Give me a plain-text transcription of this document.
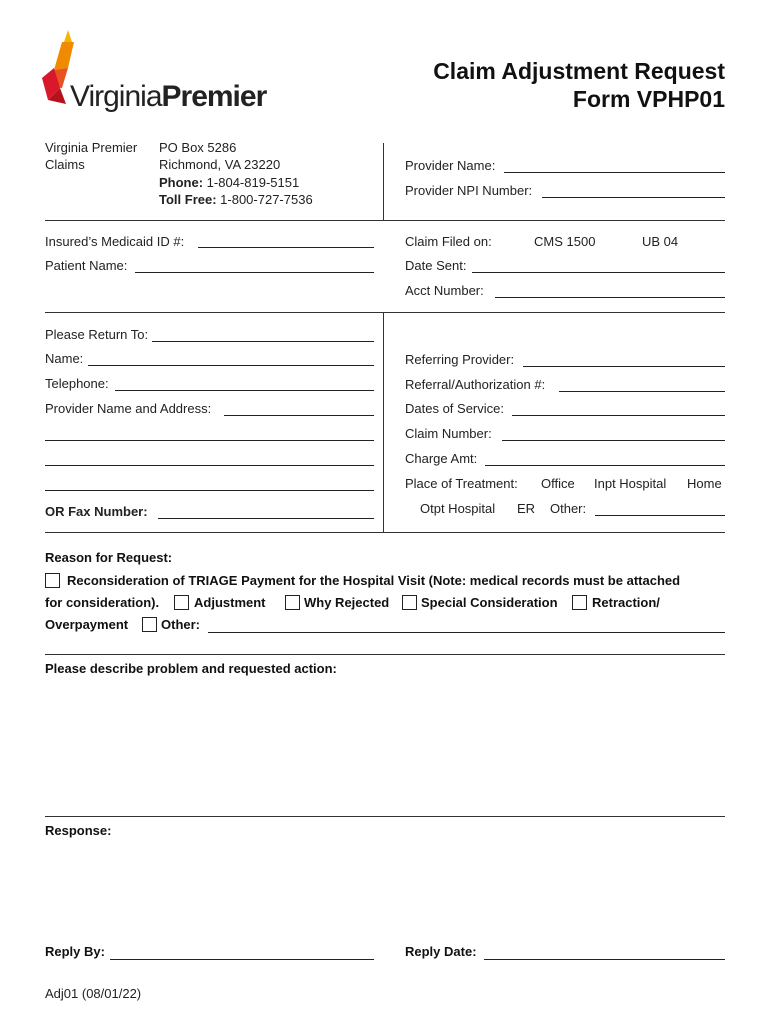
VirginiaPremier
Claim Adjustment Request
Form VPHP01
Virginia Premier
Claims
PO Box 5286
Richmond, VA 23220
Phone: 1-804-819-5151
Toll Free: 1-800-727-7536
Provider Name:
Provider NPI Number:
Insured’s Medicaid ID #:
Patient Name:
Claim Filed on:	CMS 1500	UB 04
Date Sent:
Acct Number:
Please Return To:
Name:
Telephone:
Provider Name and Address:
OR Fax Number:
Referring Provider:
Referral/Authorization #:
Dates of Service:
Claim Number:
Charge Amt:
Place of Treatment: Office Inpt Hospital Home
Otpt Hospital ER Other:
Reason for Request:
Reconsideration of TRIAGE Payment for the Hospital Visit (Note: medical records must be attached
for consideration).	Adjustment	Why Rejected Special Consideration	Retraction/
Overpayment	Other:
Please describe problem and requested action:
Response:
Reply By:	Reply Date:
Adj01 (08/01/22)
